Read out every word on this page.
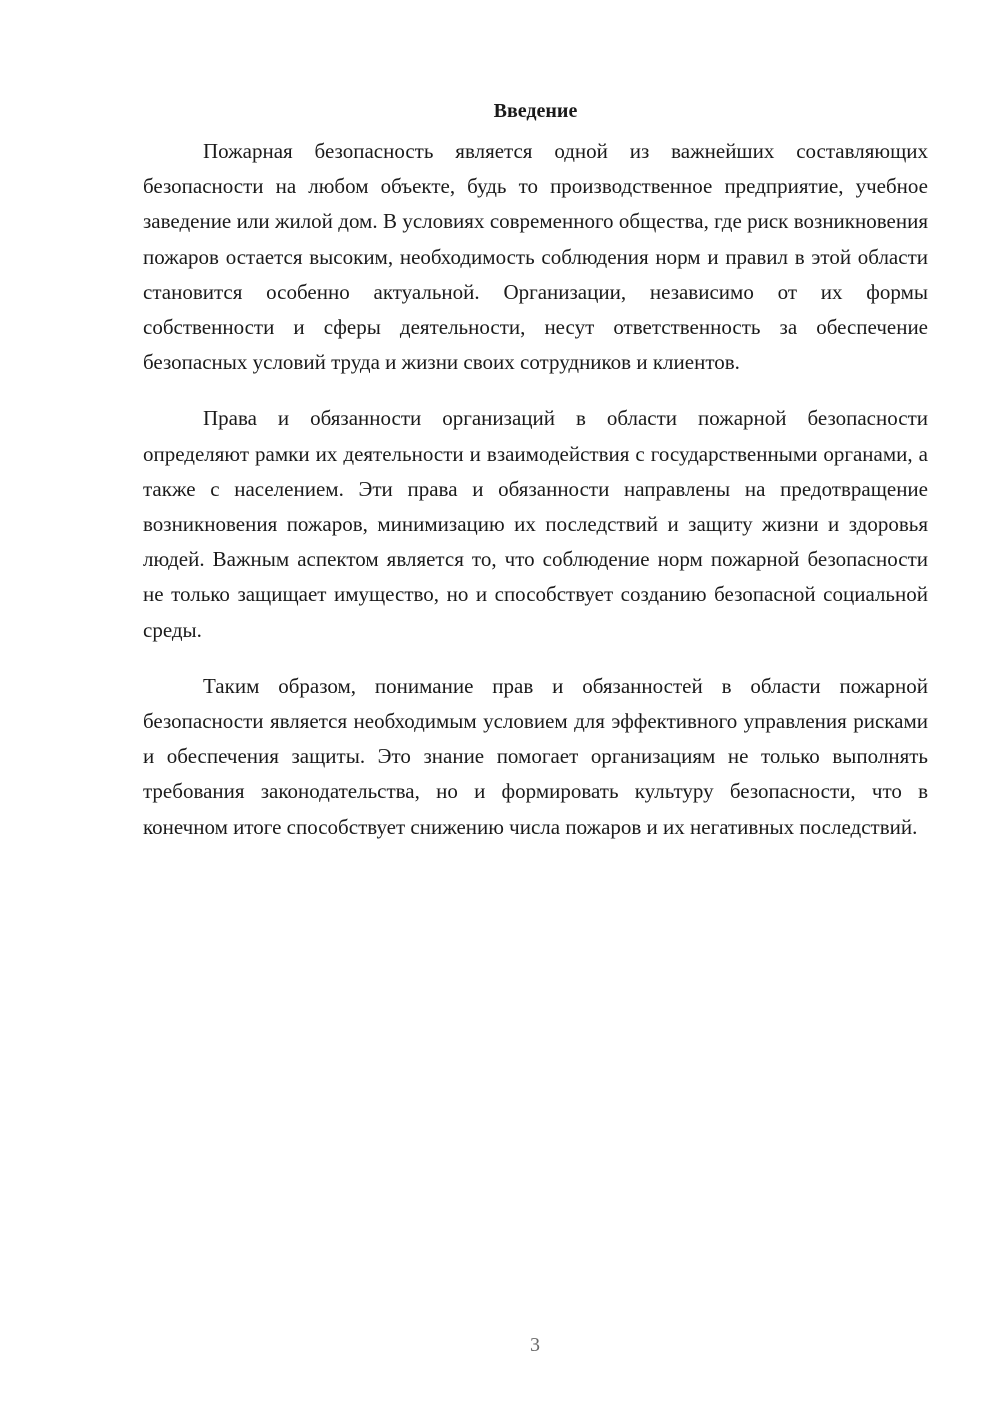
Введение

Пожарная безопасность является одной из важнейших составляющих безопасности на любом объекте, будь то производственное предприятие, учебное заведение или жилой дом. В условиях современного общества, где риск возникновения пожаров остается высоким, необходимость соблюдения норм и правил в этой области становится особенно актуальной. Организации, независимо от их формы собственности и сферы деятельности, несут ответственность за обеспечение безопасных условий труда и жизни своих сотрудников и клиентов.

Права и обязанности организаций в области пожарной безопасности определяют рамки их деятельности и взаимодействия с государственными органами, а также с населением. Эти права и обязанности направлены на предотвращение возникновения пожаров, минимизацию их последствий и защиту жизни и здоровья людей. Важным аспектом является то, что соблюдение норм пожарной безопасности не только защищает имущество, но и способствует созданию безопасной социальной среды.

Таким образом, понимание прав и обязанностей в области пожарной безопасности является необходимым условием для эффективного управления рисками и обеспечения защиты. Это знание помогает организациям не только выполнять требования законодательства, но и формировать культуру безопасности, что в конечном итоге способствует снижению числа пожаров и их негативных последствий.

3
